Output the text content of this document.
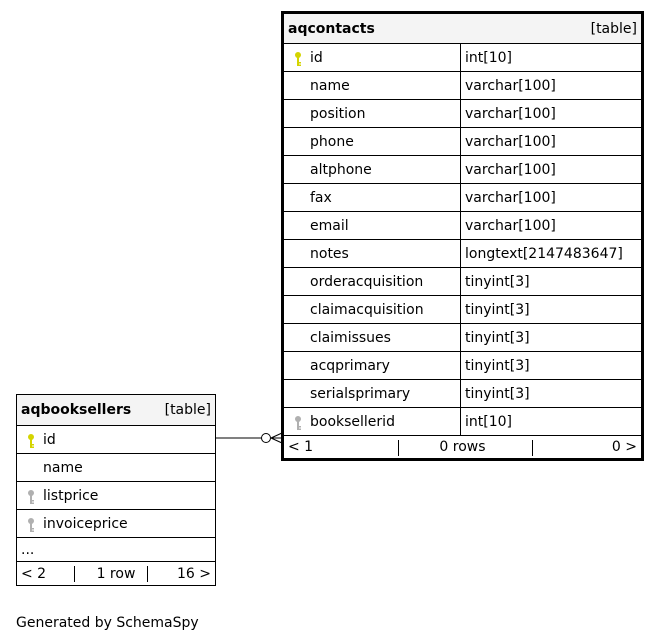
aqcontacts [table]	

id	int[10]
name	varchar[100]
position	varchar[100]
phone	varchar[100]
altphone	varchar[100]
fax	varchar[100]
email	varchar[100]
notes	longtext[2147483647]
orderacquisition	tinyint[3]
claimacquisition	tinyint[3]
claimissues	tinyint[3]
acqprimary	tinyint[3]
serialsprimary	tinyint[3]

booksellerid	int[10]

< 1 0 rows 0 >	
aqbooksellers [table]

id
name

listprice

invoiceprice
...

< 2	1 row	16 >
Generated by SchemaSpy
